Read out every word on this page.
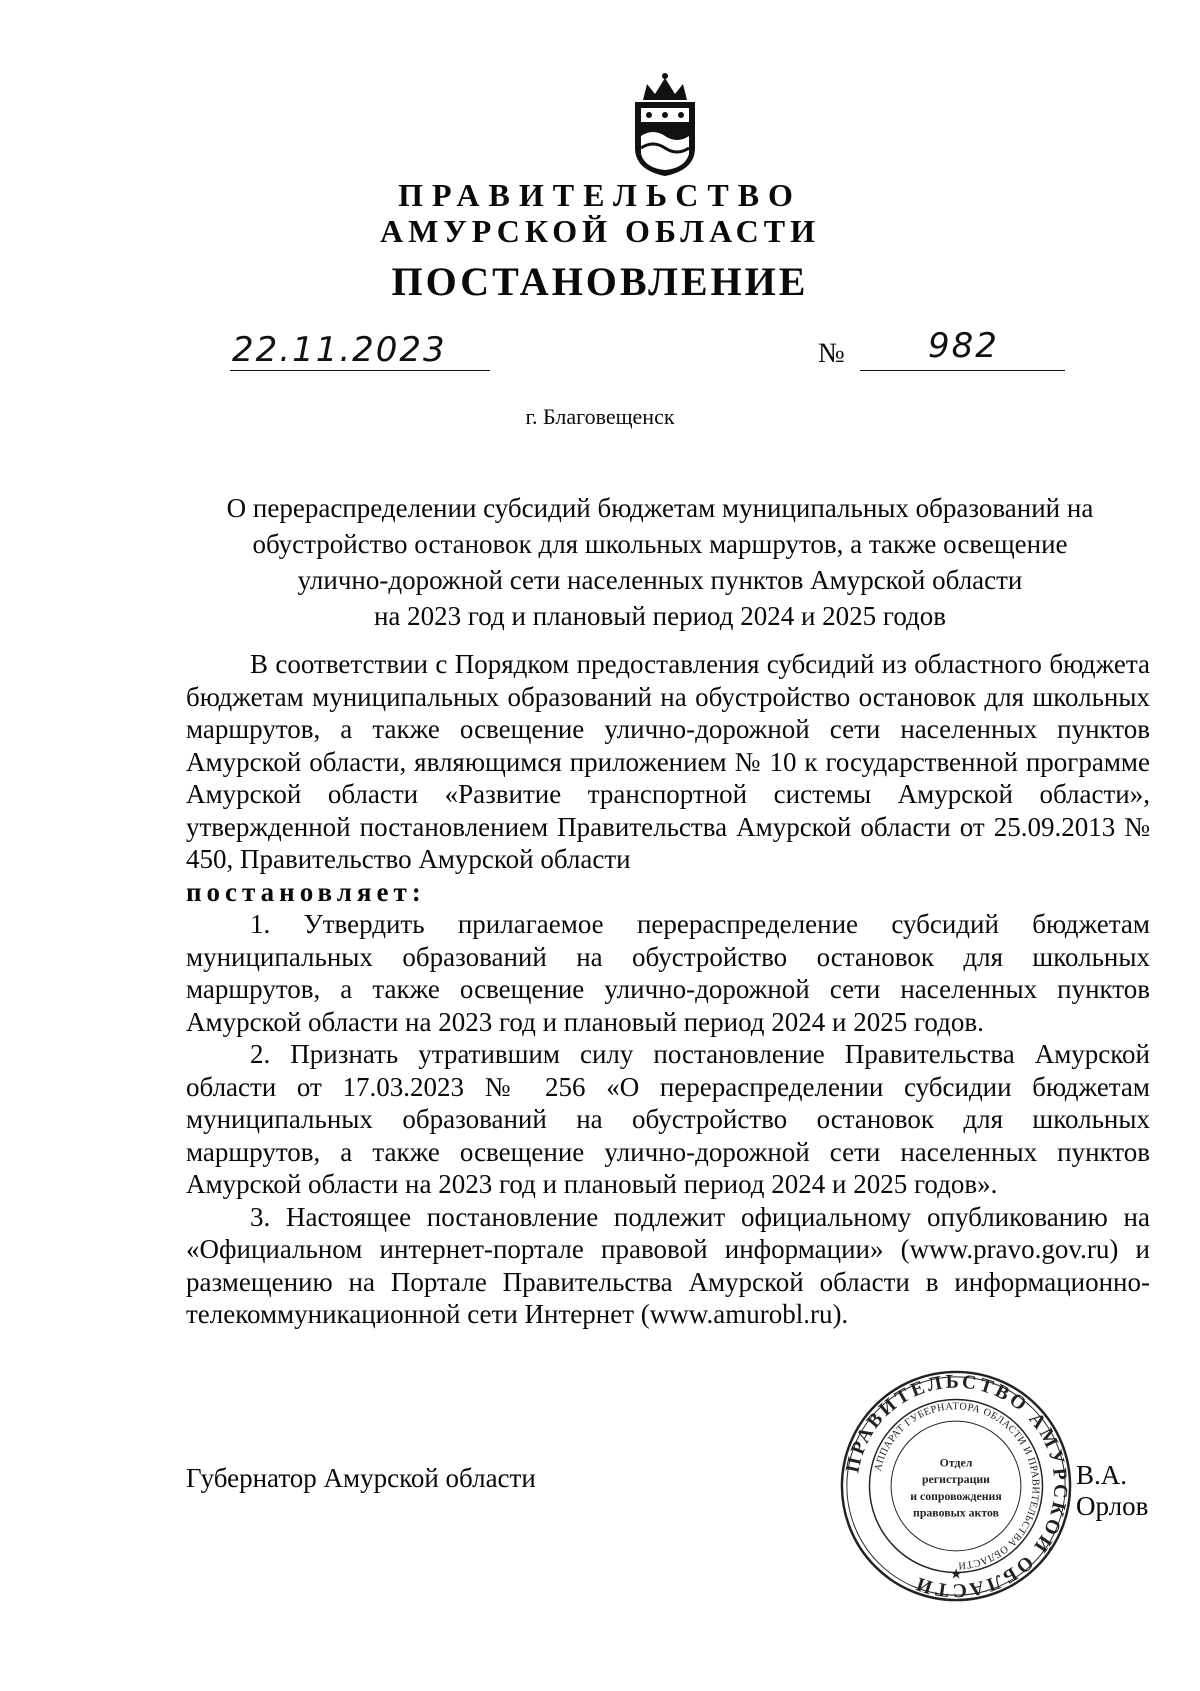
ПРАВИТЕЛЬСТВО
АМУРСКОЙ ОБЛАСТИ
ПОСТАНОВЛЕНИЕ
22.11.2023	№ 982
г. Благовещенск
О перераспределении субсидий бюджетам муниципальных образований на
обустройство остановок для школьных маршрутов, а также освещение
улично-дорожной сети населенных пунктов Амурской области
на 2023 год и плановый период 2024 и 2025 годов

В соответствии с Порядком предоставления субсидий из областного бюджета бюджетам муниципальных образований на обустройство остановок для школьных маршрутов, а также освещение улично-дорожной сети населенных пунктов Амурской области, являющимся приложением № 10 к государственной программе Амурской области «Развитие транспортной системы Амурской области», утвержденной постановлением Правительства Амурской области от 25.09.2013 № 450, Правительство Амурской области

постановляет:

1. Утвердить прилагаемое перераспределение субсидий бюджетам муниципальных образований на обустройство остановок для школьных маршрутов, а также освещение улично-дорожной сети населенных пунктов Амурской области на 2023 год и плановый период 2024 и 2025 годов.

2. Признать утратившим силу постановление Правительства Амурской области от 17.03.2023 № 256 «О перераспределении субсидии бюджетам муниципальных образований на обустройство остановок для школьных маршрутов, а также освещение улично-дорожной сети населенных пунктов Амурской области на 2023 год и плановый период 2024 и 2025 годов».

3. Настоящее постановление подлежит официальному опубликованию на «Официальном интернет-портале правовой информации» (www.pravo.gov.ru) и размещению на Портале Правительства Амурской области в информационно-телекоммуникационной сети Интернет (www.amurobl.ru).

Губернатор Амурской области	В.А. Орлов
ПРАВИТЕЛЬСТВО АМУРСКОЙ ОБЛАСТИ
АППАРАТ ГУБЕРНАТОРА ОБЛАСТИ И ПРАВИТЕЛЬСТВА ОБЛАСТИ
Отдел
регистрации
и сопровождения
правовых актов
★
